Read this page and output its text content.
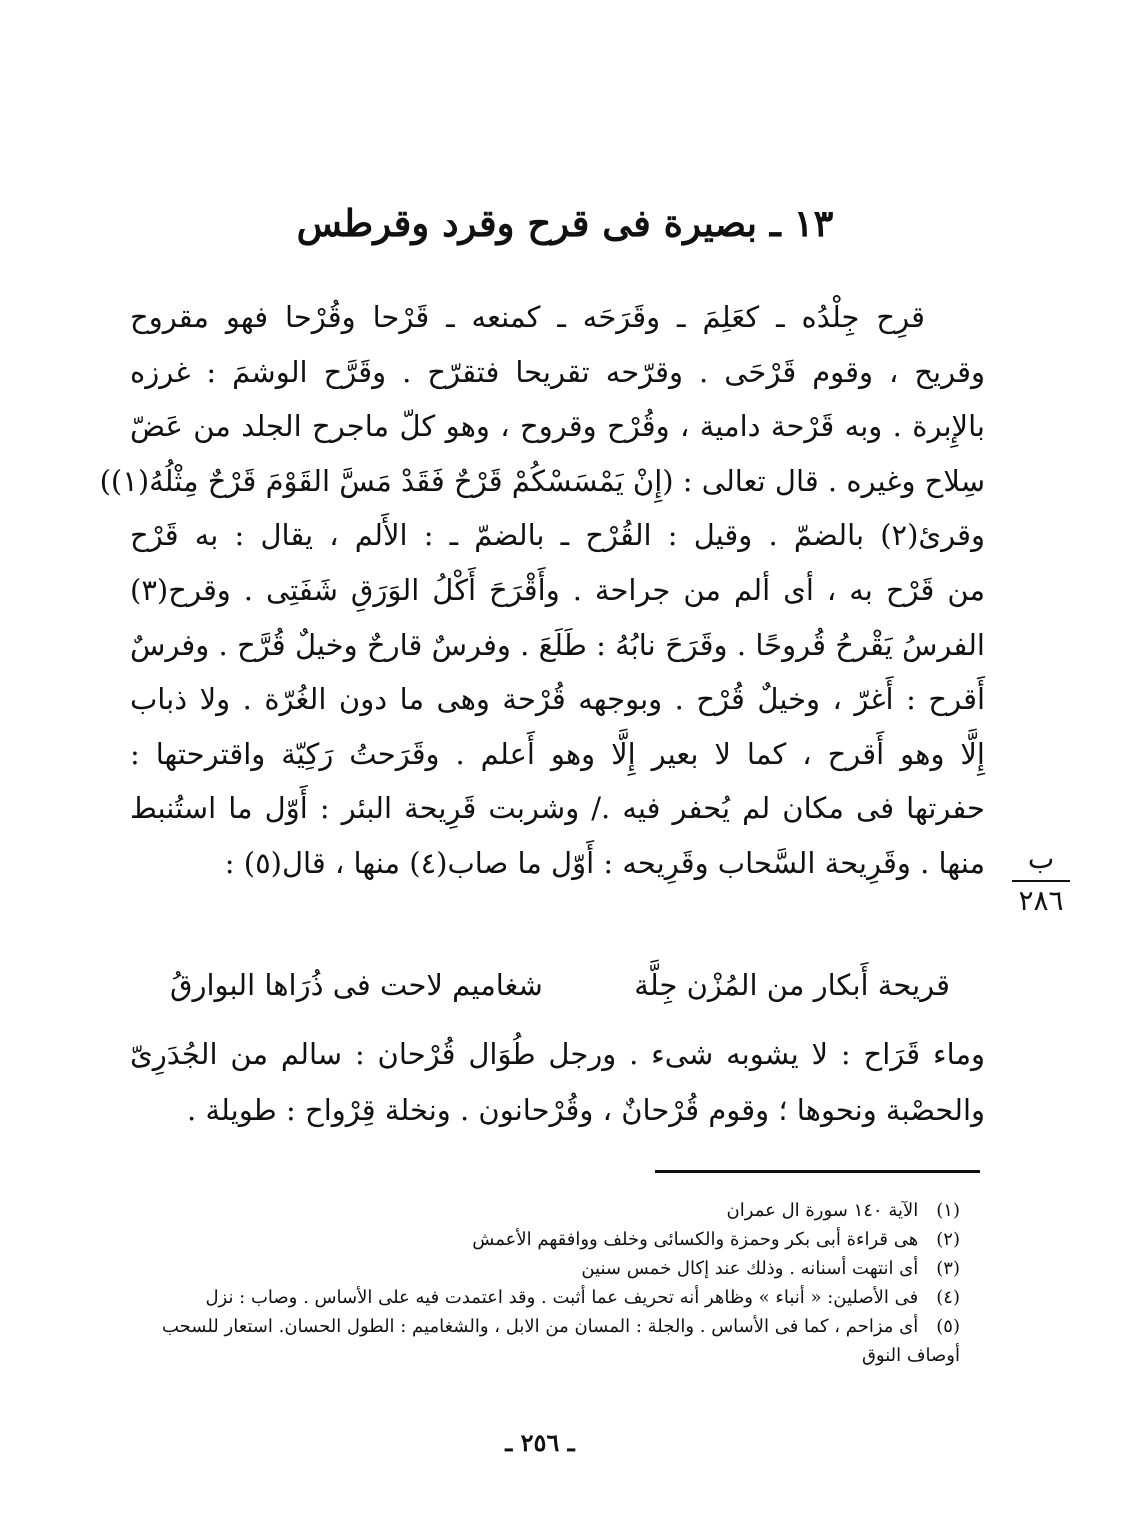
١٣ ـ بصيرة فى قرح وقرد وقرطس
قرِح جِلْدُه ـ كعَلِمَ ـ وقَرَحَه ـ كمنعه ـ قَرْحا وقُرْحا فهو مقروح
وقريح ، وقوم قَرْحَى . وقرّحه تقريحا فتقرّح . وقَرَّح الوشمَ : غرزه
بالإِبرة . وبه قَرْحة دامية ، وقُرْح وقروح ، وهو كلّ ماجرح الجلد من عَضّ
سِلاح وغيره . قال تعالى : (إِنْ يَمْسَسْكُمْ قَرْحٌ فَقَدْ مَسَّ القَوْمَ قَرْحٌ مِثْلُهُ(١))
وقرئ(٢) بالضمّ . وقيل : القُرْح ـ بالضمّ ـ : الأَلم ، يقال : به قَرْح
من قَرْح به ، أى ألم من جراحة . وأَقْرَحَ أَكْلُ الوَرَقِ شَفَتِى . وقرح(٣)
الفرسُ يَقْرحُ قُروحًا . وقَرَحَ نابُهُ : طَلَعَ . وفرسٌ قارحٌ وخيلٌ قُرَّح . وفرسٌ
أَقرح : أَغرّ ، وخيلٌ قُرْح . وبوجهه قُرْحة وهى ما دون الغُرّة . ولا ذباب
إِلَّا وهو أَقرح ، كما لا بعير إِلَّا وهو أَعلم . وقَرَحتُ رَكِيّة واقترحتها :
حفرتها فى مكان لم يُحفر فيه ./ وشربت قَرِيحة البئر : أَوّل ما استُنبط
منها . وقَرِيحة السَّحاب وقَرِيحه : أَوّل ما صاب(٤) منها ، قال(٥) :	ب
٢٨٦
قريحة أَبكار من المُزْن جِلَّة
شغاميم لاحت فى ذُرَاها البوارقُ
وماء قَرَاح : لا يشوبه شىء . ورجل طُوَال قُرْحان : سالم من الجُدَرِىّ
والحصْبة ونحوها ؛ وقوم قُرْحانٌ ، وقُرْحانون . ونخلة قِرْواح : طويلة .
(١) الآية ١٤٠ سورة ال عمران
(٢) هى قراءة أبى بكر وحمزة والكسائى وخلف ووافقهم الأعمش
(٣) أى انتهت أسنانه . وذلك عند إكال خمس سنين
(٤) فى الأصلين: « أنباء » وظاهر أنه تحريف عما أثبت . وقد اعتمدت فيه على الأساس . وصاب : نزل
(٥) أى مزاحم ، كما فى الأساس . والجلة : المسان من الابل ، والشغاميم : الطول الحسان. استعار للسحب
أوصاف النوق
ـ ٢٥٦ ـ
